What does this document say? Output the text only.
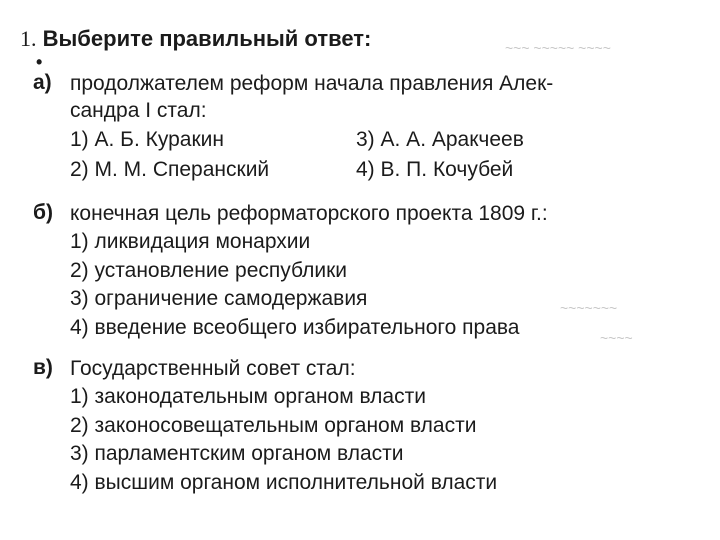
~~~ ~~~~~ ~~~~
~~~~~~~
~~~~
1. Выберите правильный ответ:
•
а) продолжателем реформ начала правления Алек-
сандра I стал:
1) А. Б. Куракин	3) А. А. Аракчеев
2) М. М. Сперанский	4) В. П. Кочубей
б) конечная цель реформаторского проекта 1809 г.:
1) ликвидация монархии
2) установление республики
3) ограничение самодержавия
4) введение всеобщего избирательного права
в) Государственный совет стал:
1) законодательным органом власти
2) законосовещательным органом власти
3) парламентским органом власти
4) высшим органом исполнительной власти
